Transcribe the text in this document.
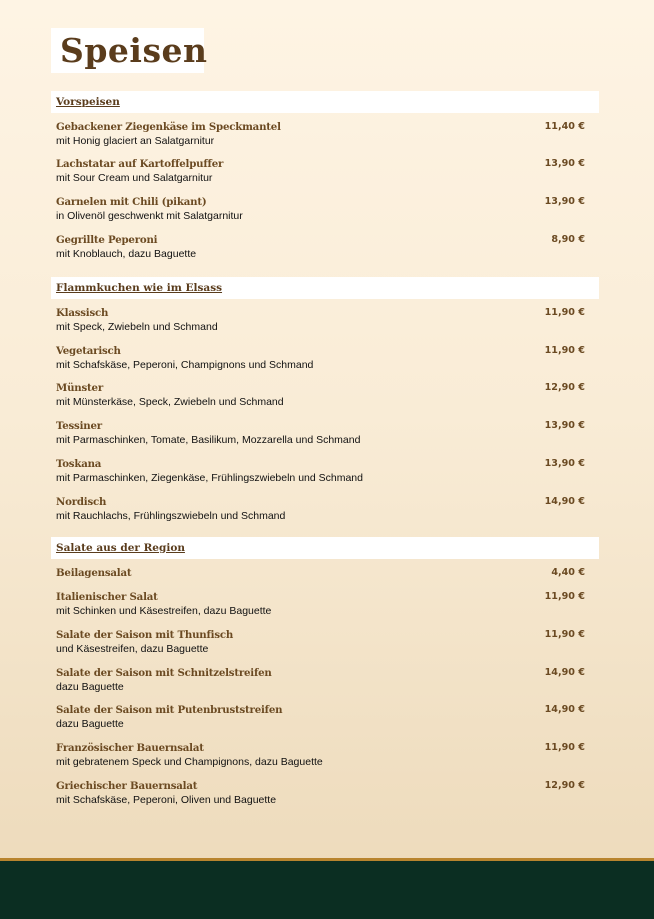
Speisen
Vorspeisen
Gebackener Ziegenkäse im Speckmantel	11,40 €
mit Honig glaciert an Salatgarnitur
Lachstatar auf Kartoffelpuffer	13,90 €
mit Sour Cream und Salatgarnitur
Garnelen mit Chili (pikant)	13,90 €
in Olivenöl geschwenkt mit Salatgarnitur
Gegrillte Peperoni	8,90 €
mit Knoblauch, dazu Baguette
Flammkuchen wie im Elsass
Klassisch	11,90 €
mit Speck, Zwiebeln und Schmand
Vegetarisch	11,90 €
mit Schafskäse, Peperoni, Champignons und Schmand
Münster	12,90 €
mit Münsterkäse, Speck, Zwiebeln und Schmand
Tessiner	13,90 €
mit Parmaschinken, Tomate, Basilikum, Mozzarella und Schmand
Toskana	13,90 €
mit Parmaschinken, Ziegenkäse, Frühlingszwiebeln und Schmand
Nordisch	14,90 €
mit Rauchlachs, Frühlingszwiebeln und Schmand
Salate aus der Region
Beilagensalat	4,40 €
Italienischer Salat	11,90 €
mit Schinken und Käsestreifen, dazu Baguette
Salate der Saison mit Thunfisch	11,90 €
und Käsestreifen, dazu Baguette
Salate der Saison mit Schnitzelstreifen	14,90 €
dazu Baguette
Salate der Saison mit Putenbruststreifen	14,90 €
dazu Baguette
Französischer Bauernsalat	11,90 €
mit gebratenem Speck und Champignons, dazu Baguette
Griechischer Bauernsalat	12,90 €
mit Schafskäse, Peperoni, Oliven und Baguette
